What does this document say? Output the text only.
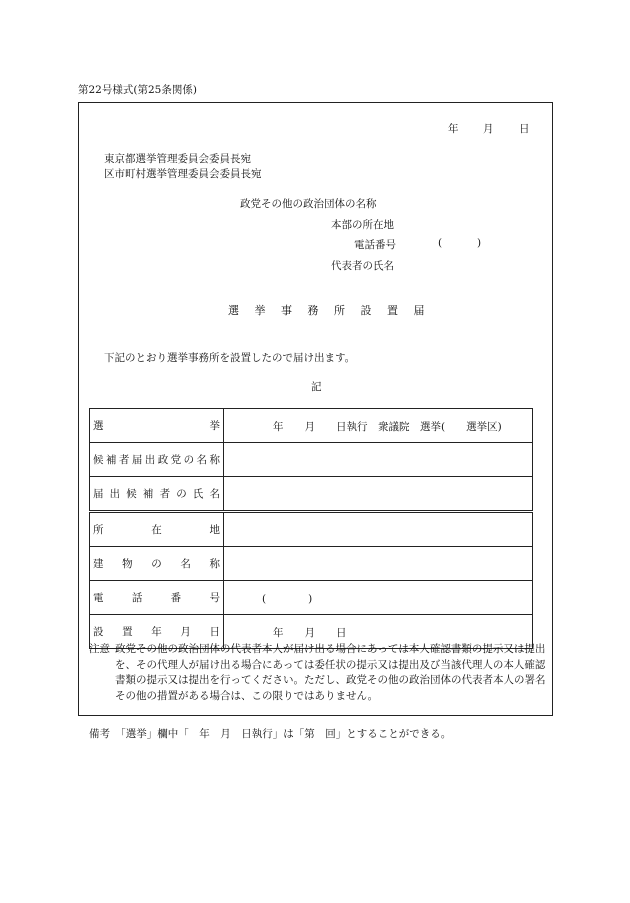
第22号様式(第25条関係)
年 月 日
東京都選挙管理委員会委員長宛
区市町村選挙管理委員会委員長宛
政党その他の政治団体の名称
本部の所在地
電話番号	(	)
代表者の氏名
選 挙 事 務 所 設 置 届
下記のとおり選挙事務所を設置したので届け出ます。
記
選挙	年　　月　　日執行　衆議院　選挙(　　選挙区)

候補者届出政党の名称	

届出候補者の氏名	

所在地	

建物の名称	

電話番号	(　　　　)

設置年月日	年　　月　　日
注意 政党その他の政治団体の代表者本人が届け出る場合にあっては本人確認書類の提示又は提出を、その代理人が届け出る場合にあっては委任状の提示又は提出及び当該代理人の本人確認書類の提示又は提出を行ってください。ただし、政党その他の政治団体の代表者本人の署名その他の措置がある場合は、この限りではありません。
備考　「選挙」欄中「　年　月　日執行」は「第　回」とすることができる。
